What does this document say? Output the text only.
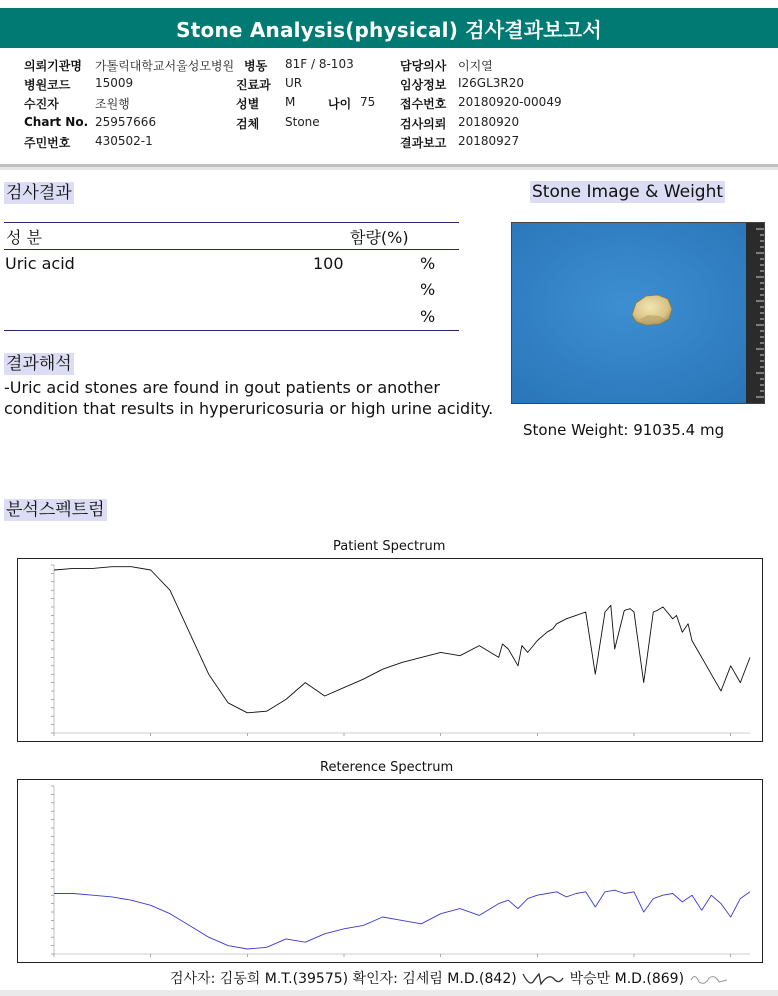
Stone Analysis(physical) 검사결과보고서
의뢰기관명 가톨릭대학교서울성모병원 병동 81F / 8-103	담당의사 이지열
병원코드 15009	진료과 UR	임상정보 I26GL3R20
수진자	조원행	성별 M	나이 75 접수번호 20180920-00049
Chart No. 25957666	검체 Stone	검사의뢰 20180920
주민번호 430502-1	결과보고 20180927
검사결과
성 분	함량(%)
Uric acid	100	%
%
%
결과해석
-Uric acid stones are found in gout patients or another condition that results in hyperuricosuria or high urine acidity.
Stone Image & Weight
Stone Weight: 91035.4 mg
분석스펙트럼
Patient Spectrum
Reterence Spectrum
검사자: 김동희 M.T.(39575) 확인자: 김세림 M.D.(842)	박승만 M.D.(869)
